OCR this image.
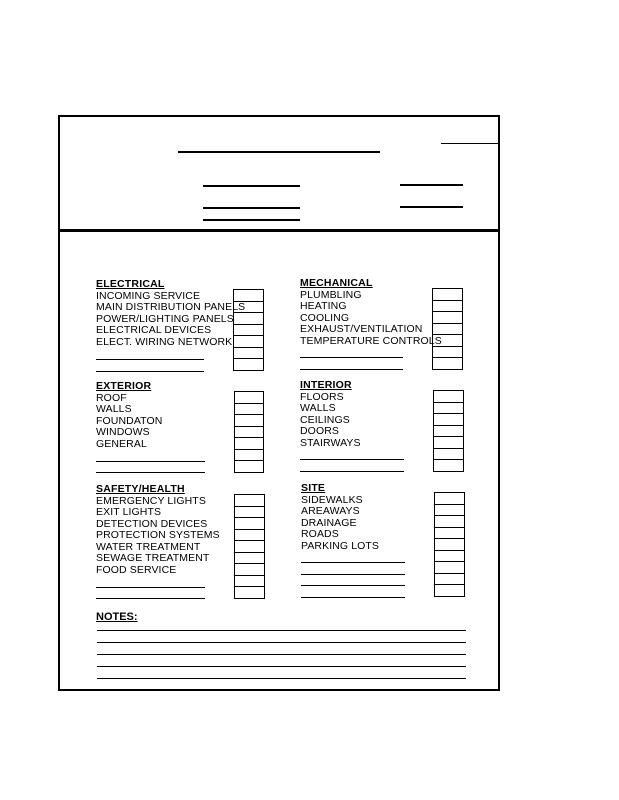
ELECTRICAL
INCOMING SERVICE
MAIN DISTRIBUTION PANELS
POWER/LIGHTING PANELS
ELECTRICAL DEVICES
ELECT. WIRING NETWORK
MECHANICAL
PLUMBLING
HEATING
COOLING
EXHAUST/VENTILATION
TEMPERATURE CONTROLS
EXTERIOR
ROOF
WALLS
FOUNDATON
WINDOWS
GENERAL
INTERIOR
FLOORS
WALLS
CEILINGS
DOORS
STAIRWAYS
SAFETY/HEALTH
EMERGENCY LIGHTS
EXIT LIGHTS
DETECTION DEVICES
PROTECTION SYSTEMS
WATER TREATMENT
SEWAGE TREATMENT
FOOD SERVICE
SITE
SIDEWALKS
AREAWAYS
DRAINAGE
ROADS
PARKING LOTS
NOTES:
